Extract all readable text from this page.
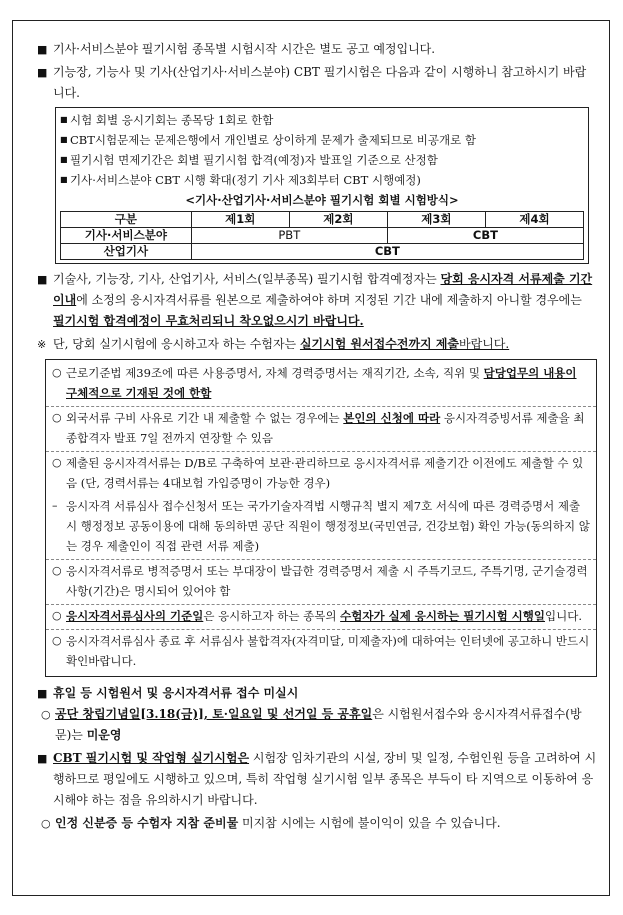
■ 기사·서비스분야 필기시험 종목별 시험시작 시간은 별도 공고 예정입니다.
■ 기능장, 기능사 및 기사(산업기사·서비스분야) CBT 필기시험은 다음과 같이 시행하니 참고하시기 바랍니다.
■ 시험 회별 응시기회는 종목당 1회로 한함
■ CBT시험문제는 문제은행에서 개인별로 상이하게 문제가 출제되므로 비공개로 함
■ 필기시험 면제기간은 회별 필기시험 합격(예정)자 발표일 기준으로 산정함
■ 기사·서비스분야 CBT 시행 확대(정기 기사 제3회부터 CBT 시행예정)
<기사·산업기사·서비스분야 필기시험 회별 시험방식>
구분	제1회	제2회	제3회	제4회
기사·서비스분야	PBT		CBT	
산업기사	CBT			
■ 기술사, 기능장, 기사, 산업기사, 서비스(일부종목) 필기시험 합격예정자는 당회 응시자격 서류제출 기간 이내에 소정의 응시자격서류를 원본으로 제출하여야 하며 지정된 기간 내에 제출하지 아니할 경우에는 필기시험 합격예정이 무효처리되니 착오없으시기 바랍니다.
※ 단, 당회 실기시험에 응시하고자 하는 수험자는 실기시험 원서접수전까지 제출바랍니다.
○ 근로기준법 제39조에 따른 사용증명서, 자체 경력증명서는 재직기간, 소속, 직위 및 담당업무의 내용이 구체적으로 기재된 것에 한함
○ 외국서류 구비 사유로 기간 내 제출할 수 없는 경우에는 본인의 신청에 따라 응시자격증빙서류 제출을 최종합격자 발표 7일 전까지 연장할 수 있음
○ 제출된 응시자격서류는 D/B로 구축하여 보관·관리하므로 응시자격서류 제출기간 이전에도 제출할 수 있음 (단, 경력서류는 4대보험 가입증명이 가능한 경우)
– 응시자격 서류심사 접수신청서 또는 국가기술자격법 시행규칙 별지 제7호 서식에 따른 경력증명서 제출 시 행정정보 공동이용에 대해 동의하면 공단 직원이 행정정보(국민연금, 건강보험) 확인 가능(동의하지 않는 경우 제출인이 직접 관련 서류 제출)
○ 응시자격서류로 병적증명서 또는 부대장이 발급한 경력증명서 제출 시 주특기코드, 주특기명, 군기술경력 사항(기간)은 명시되어 있어야 함
○ 응시자격서류심사의 기준일은 응시하고자 하는 종목의 수험자가 실제 응시하는 필기시험 시행일입니다.
○ 응시자격서류심사 종료 후 서류심사 불합격자(자격미달, 미제출자)에 대하여는 인터넷에 공고하니 반드시 확인바랍니다.
■ 휴일 등 시험원서 및 응시자격서류 접수 미실시
○ 공단 창립기념일[3.18(금)], 토·일요일 및 선거일 등 공휴일은 시험원서접수와 응시자격서류접수(방문)는 미운영
■ CBT 필기시험 및 작업형 실기시험은 시험장 임차기관의 시설, 장비 및 일정, 수험인원 등을 고려하여 시행하므로 평일에도 시행하고 있으며, 특히 작업형 실기시험 일부 종목은 부득이 타 지역으로 이동하여 응시해야 하는 점을 유의하시기 바랍니다.
○ 인정 신분증 등 수험자 지참 준비물 미지참 시에는 시험에 불이익이 있을 수 있습니다.
